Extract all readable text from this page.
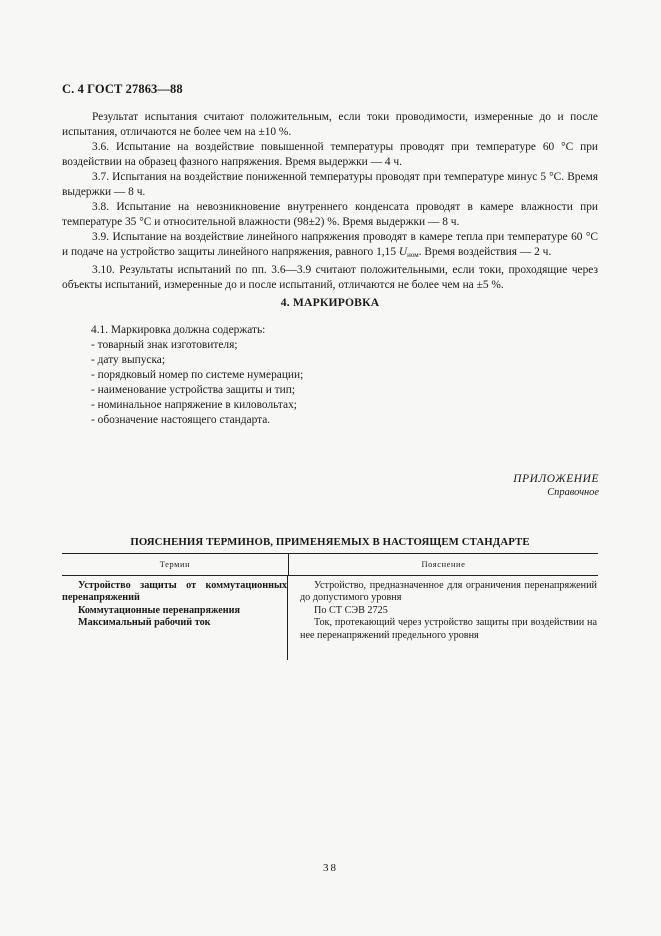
С. 4 ГОСТ 27863—88

Результат испытания считают положительным, если токи проводимости, измеренные до и после испытания, отличаются не более чем на ±10 %.

3.6. Испытание на воздействие повышенной температуры проводят при температуре 60 °С при воздействии на образец фазного напряжения. Время выдержки — 4 ч.

3.7. Испытания на воздействие пониженной температуры проводят при температуре минус 5 °С. Время выдержки — 8 ч.

3.8. Испытание на невозникновение внутреннего конденсата проводят в камере влажности при температуре 35 °С и относительной влажности (98±2) %. Время выдержки — 8 ч.

3.9. Испытание на воздействие линейного напряжения проводят в камере тепла при температуре 60 °С и подаче на устройство защиты линейного напряжения, равного 1,15 $U_{ном}$. Время воздействия — 2 ч.

3.10. Результаты испытаний по пп. 3.6—3.9 считают положительными, если токи, проходящие через объекты испытаний, измеренные до и после испытаний, отличаются не более чем на ±5 %.

4. МАРКИРОВКА
4.1. Маркировка должна содержать:
- товарный знак изготовителя;
- дату выпуска;
- порядковый номер по системе нумерации;
- наименование устройства защиты и тип;
- номинальное напряжение в киловольтах;
- обозначение настоящего стандарта.
ПРИЛОЖЕНИЕ
Справочное
ПОЯСНЕНИЯ ТЕРМИНОВ, ПРИМЕНЯЕМЫХ В НАСТОЯЩЕМ СТАНДАРТЕ
Термин	Пояснение
Устройство защиты от коммутационных перенапряжений
Коммутационные перенапряжения
Максимальный рабочий ток

Устройство, предназначенное для ограничения перенапряжений до допустимого уровня

По СТ СЭВ 2725

Ток, протекающий через устройство защиты при воздействии на нее перенапряжений предельного уровня

38
